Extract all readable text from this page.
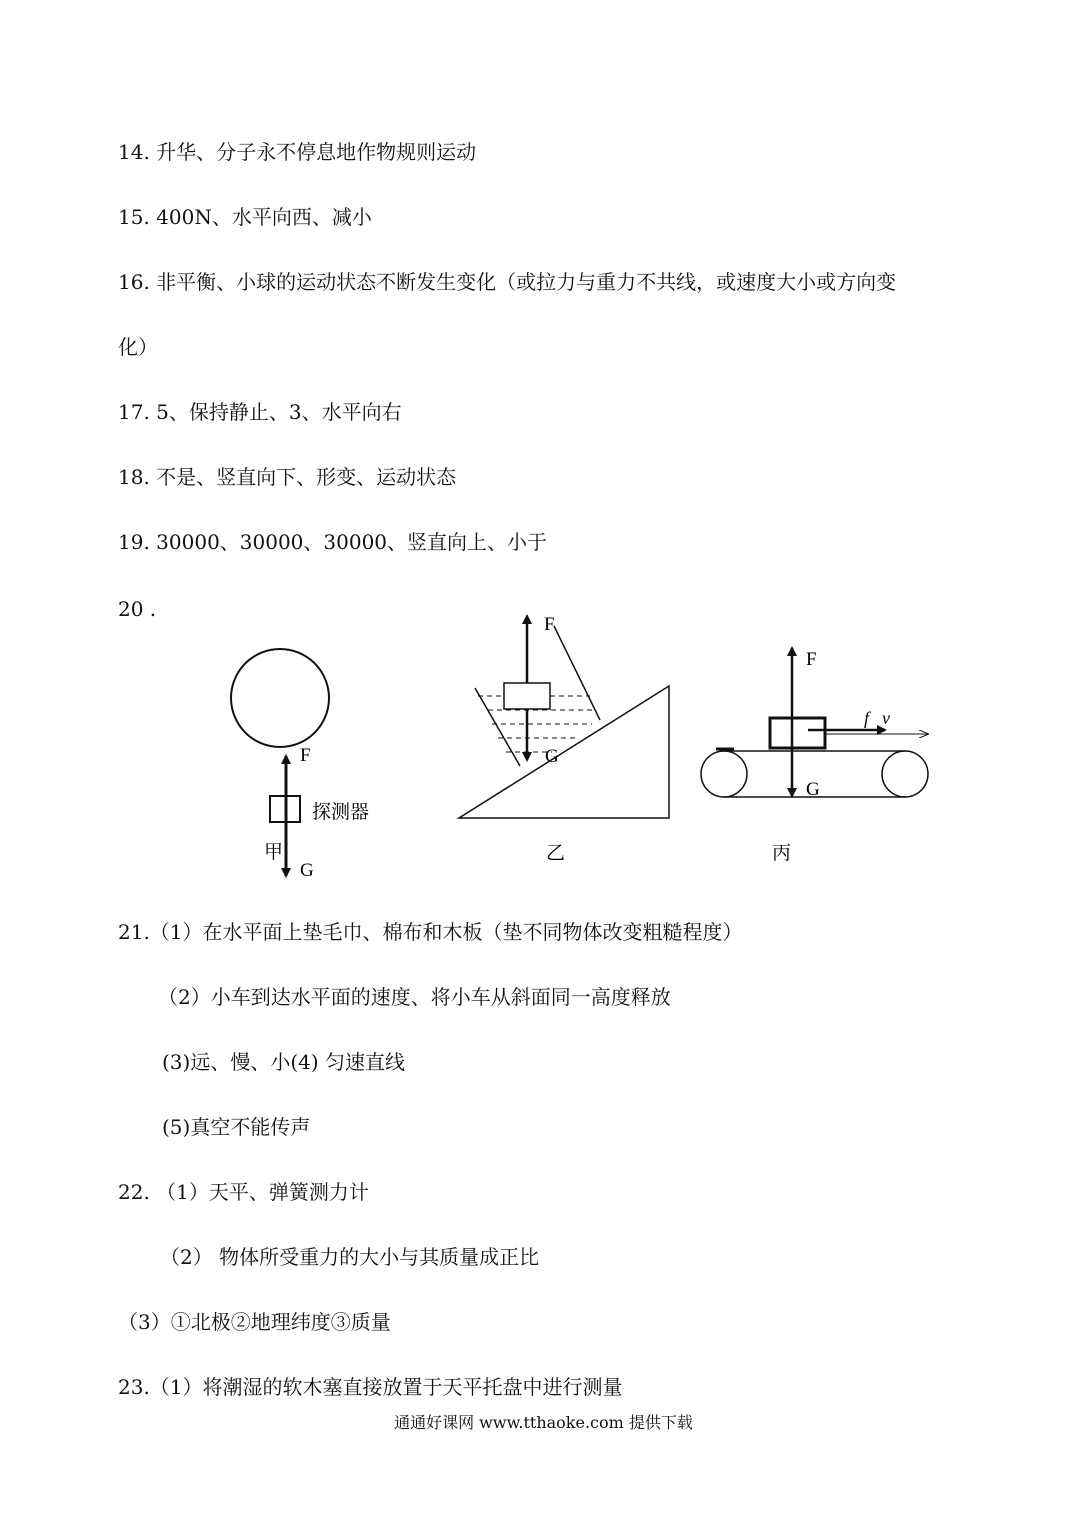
14. 升华、分子永不停息地作物规则运动
15. 400N、水平向西、减小
16. 非平衡、小球的运动状态不断发生变化（或拉力与重力不共线，或速度大小或方向变
化）
17. 5、保持静止、3、水平向右
18. 不是、竖直向下、形变、运动状态
19. 30000、30000、30000、竖直向上、小于
20 .
F
探测器
甲
G
F
G
乙
F
f v
G
丙
21.（1）在水平面上垫毛巾、棉布和木板（垫不同物体改变粗糙程度）
（2）小车到达水平面的速度、将小车从斜面同一高度释放
(3)远、慢、小(4) 匀速直线
(5)真空不能传声
22. （1）天平、弹簧测力计
（2） 物体所受重力的大小与其质量成正比
（3）①北极②地理纬度③质量
23.（1）将潮湿的软木塞直接放置于天平托盘中进行测量
通通好课网 www.tthaoke.com 提供下载
